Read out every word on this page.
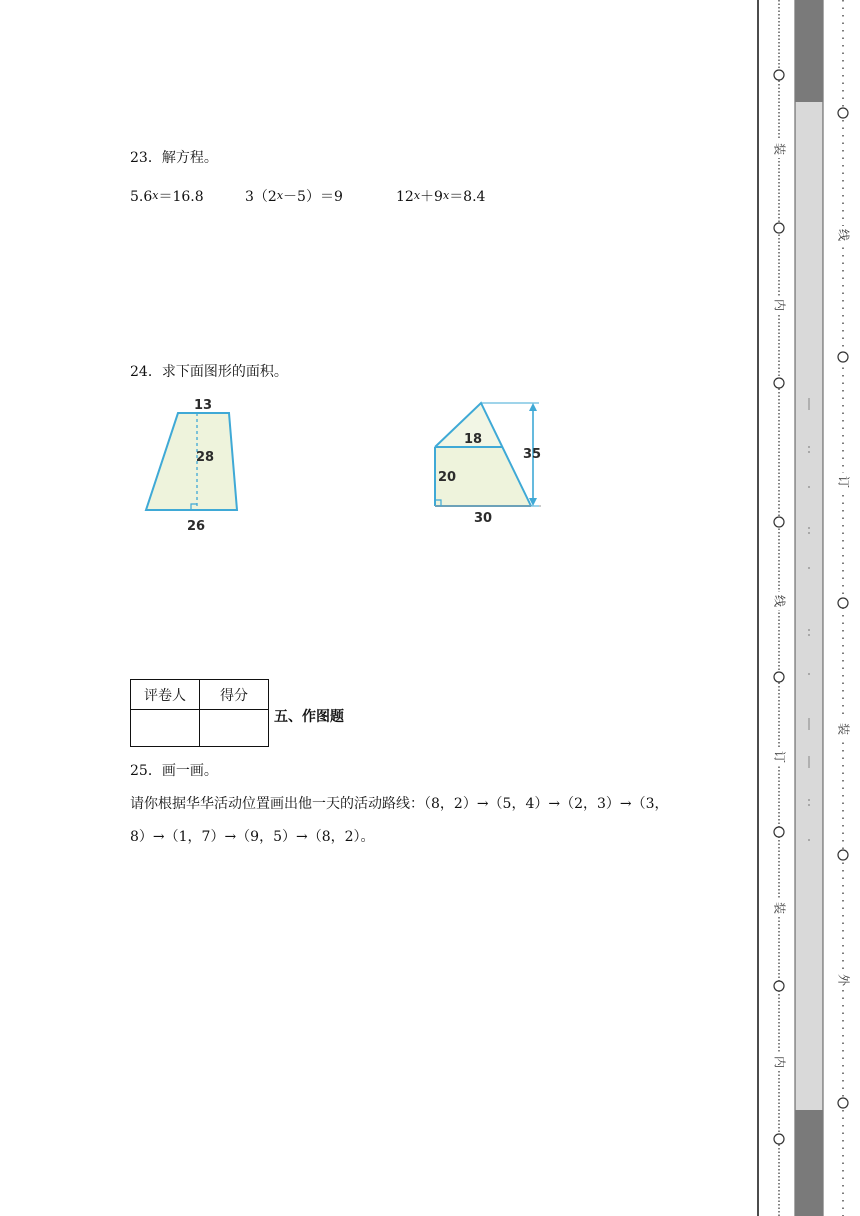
23．解方程。
5.6x＝16.8	3（2x－5）＝9	12x＋9x＝8.4
24．求下面图形的面积。
13
28
26
18
20
35
30
评卷人	得分

五、作图题
25．画一画。
请你根据华华活动位置画出他一天的活动路线：（8，2）→（5，4）→（2，3）→（3，
8）→（1，7）→（9，5）→（8，2）。
装
内
线
订
装
内
线
订
装
外
